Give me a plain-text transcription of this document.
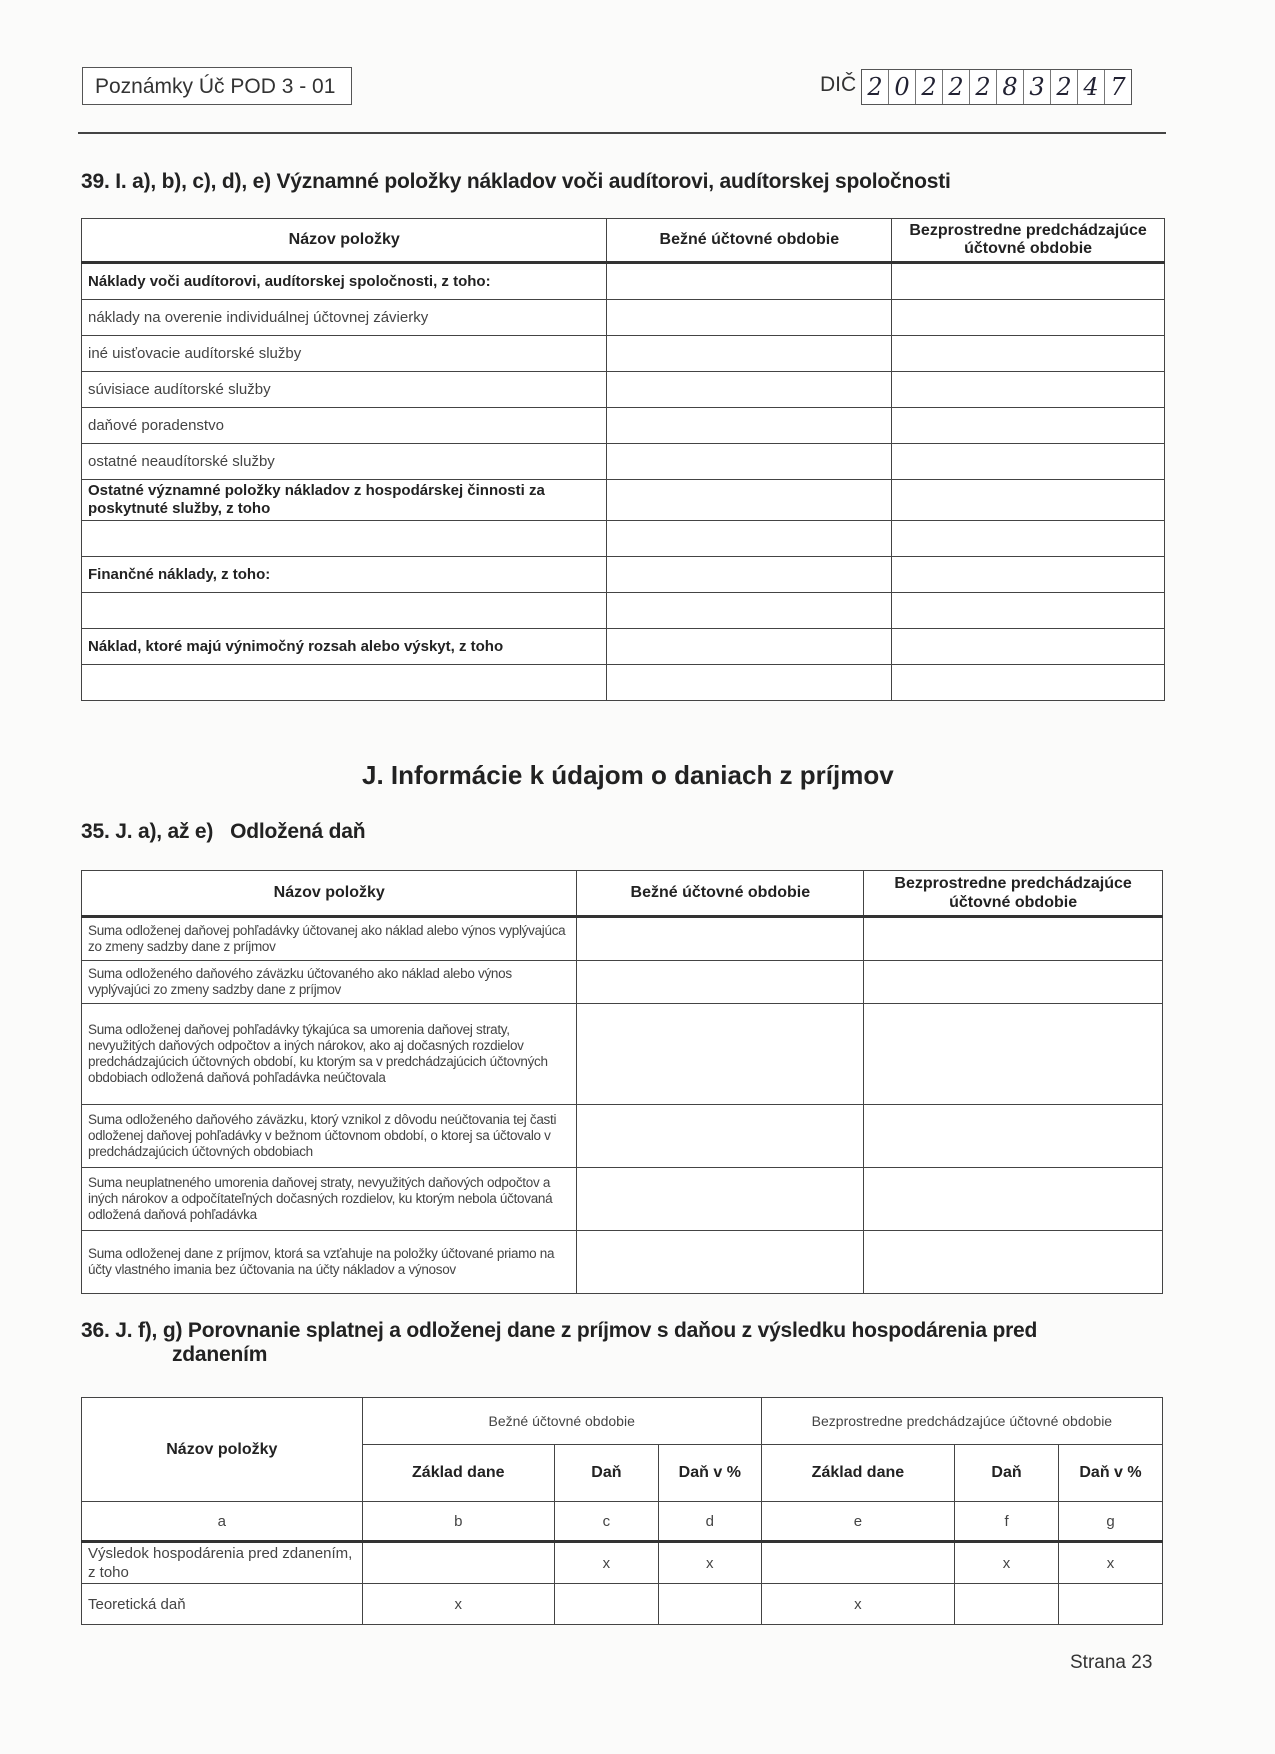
Poznámky Úč POD 3 - 01	DIČ 2 0 2 2 2 8 3 2 4 7
39. I. a), b), c), d), e) Významné položky nákladov voči audítorovi, audítorskej spoločnosti
Názov položky	Bežné účtovné obdobie	Bezprostredne predchádzajúce účtovné obdobie
Náklady voči audítorovi, audítorskej spoločnosti, z toho:		
náklady na overenie individuálnej účtovnej závierky		
iné uisťovacie audítorské služby		
súvisiace audítorské služby		
daňové poradenstvo		
ostatné neaudítorské služby		
Ostatné významné položky nákladov z hospodárskej činnosti za poskytnuté služby, z toho		

Finančné náklady, z toho:		

Náklad, ktoré majú výnimočný rozsah alebo výskyt, z toho		

J. Informácie k údajom o daniach z príjmov
35. J. a), až e)   Odložená daň
Názov položky	Bežné účtovné obdobie	Bezprostredne predchádzajúce účtovné obdobie
Suma odloženej daňovej pohľadávky účtovanej ako náklad alebo výnos vyplývajúca zo zmeny sadzby dane z príjmov		
Suma odloženého daňového záväzku účtovaného ako náklad alebo výnos vyplývajúci zo zmeny sadzby dane z príjmov		
Suma odloženej daňovej pohľadávky týkajúca sa umorenia daňovej straty, nevyužitých daňových odpočtov a iných nárokov, ako aj dočasných rozdielov predchádzajúcich účtovných období, ku ktorým sa v predchádzajúcich účtovných obdobiach odložená daňová pohľadávka neúčtovala		
Suma odloženého daňového záväzku, ktorý vznikol z dôvodu neúčtovania tej časti odloženej daňovej pohľadávky v bežnom účtovnom období, o ktorej sa účtovalo v predchádzajúcich účtovných obdobiach		
Suma neuplatneného umorenia daňovej straty, nevyužitých daňových odpočtov a iných nárokov a odpočítateľných dočasných rozdielov, ku ktorým nebola účtovaná odložená daňová pohľadávka		
Suma odloženej dane z príjmov, ktorá sa vzťahuje na položky účtované priamo na účty vlastného imania bez účtovania na účty nákladov a výnosov		
36. J. f), g) Porovnanie splatnej a odloženej dane z príjmov s daňou z výsledku hospodárenia pred
zdanením
Názov položky	Bežné účtovné obdobie			Bezprostredne predchádzajúce účtovné obdobie		
	Základ dane	Daň	Daň v %	Základ dane	Daň	Daň v %
a	b	c	d	e	f	g
Výsledok hospodárenia pred zdanením, z toho		x	x		x	x
Teoretická daň	x			x		
Strana 23
